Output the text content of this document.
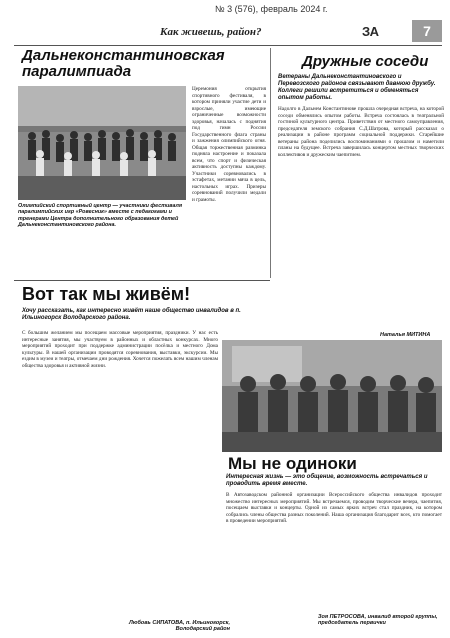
№ 3 (576), февраль 2024 г.
Как живешь, район?	ЗА	7
Дальнеконстантиновская паралимпиада
Олимпийский спортивный центр — участники фестиваля паралимпийских игр «Ровесник» вместе с педагогами и тренерами Центра дополнительного образования детей Дальнеконстантиновского района.
Церемония открытия спортивного фестиваля, в котором приняли участие дети и взрослые, имеющие ограниченные возможности здоровья, началась с поднятия под гимн России Государственного флага страны и зажжения олимпийского огня. Общая торжественная разминка подняла настроение и показала всем, что спорт и физическая активность доступны каждому. Участники соревновались в эстафетах, метании мяча в цель, настольных играх. Призеры соревнований получили медали и грамоты.
Дружные соседи
Ветераны Дальнеконстантиновского и Перевозского районов связывают давнюю дружбу. Коллеги решили встретиться и обменяться опытом работы.
Надолго в Дальнем Константинове прошла очередная встреча, на которой соседи обменялись опытом работы. Встреча состоялась в театральной гостиной культурного центра. Приветствия от местного самоуправления, председателя земского собрания С.Д.Шатрова, который рассказал о реализации в районе программ социальной поддержки. Старейшие ветераны района поделились воспоминаниями о прошлом и наметили планы на будущее. Встреча завершилась концертом местных творческих коллективов и дружеским чаепитием.
Наталья МИТИНА
Вот так мы живём!
Хочу рассказать, как интересно живёт наше общество инвалидов в п. Ильиногорск Володарского района.
С большим желанием мы посещаем массовые мероприятия, праздники. У нас есть интересные занятия, мы участвуем в районных и областных конкурсах. Много мероприятий проходит при поддержке администрации посёлка и местного Дома культуры. В нашей организации проводятся соревнования, выставки, экскурсии. Мы ездим в музеи и театры, отмечаем дни рождения. Хочется пожелать всем нашим членам общества здоровья и активной жизни.
Любовь СИПАТОВА, п. Ильиногорск, Володарский район
Мы не одиноки
Интересная жизнь — это общение, возможность встречаться и проводить время вместе.
В Автозаводском районной организации Всероссийского общества инвалидов проходит множество интересных мероприятий. Мы встречаемся, проводим творческие вечера, чаепития, посещаем выставки и концерты. Одной из самых ярких встреч стал праздник, на котором собрались члены общества разных поколений. Наша организация благодарит всех, кто помогает в проведении мероприятий.
Зоя ПЕТРОСОВА, инвалид второй группы, председатель первички
